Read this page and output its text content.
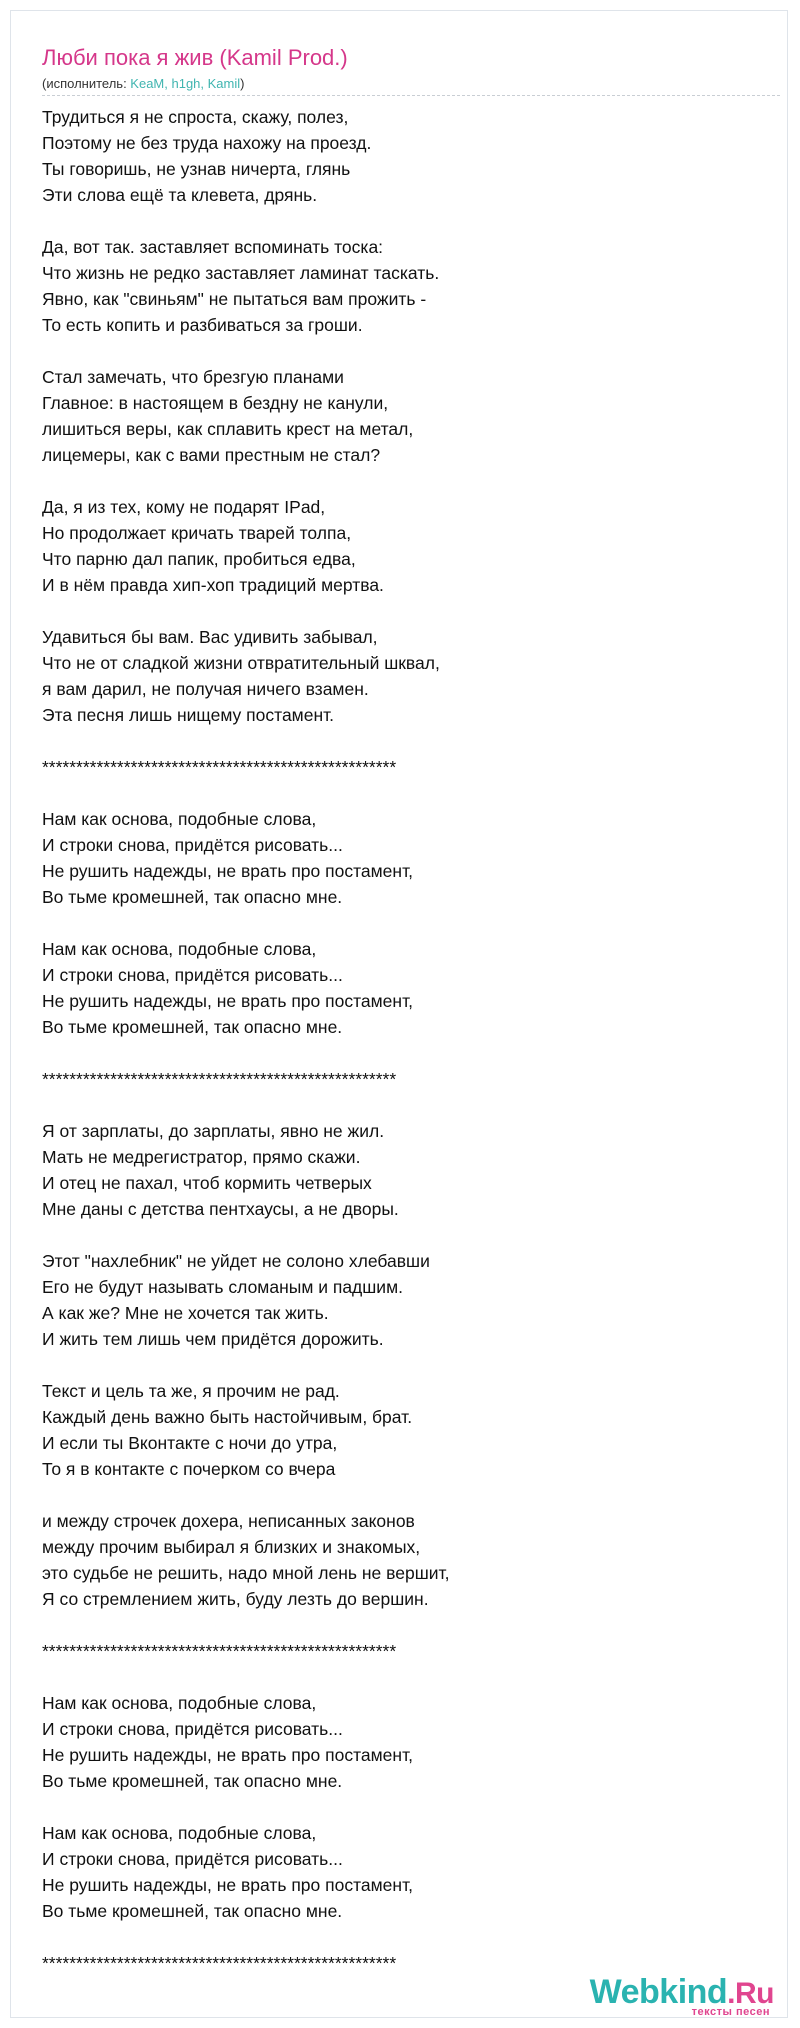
Люби пока я жив (Kamil Prod.)
(исполнитель: KeaM, h1gh, Kamil)
Трудиться я не спроста, скажу, полез,
Поэтому не без труда нахожу на проезд.
Ты говоришь, не узнав ничерта, глянь
Эти слова ещё та клевета, дрянь.
Да, вот так. заставляет вспоминать тоска:
Что жизнь не редко заставляет ламинат таскать.
Явно, как "свиньям" не пытаться вам прожить -
То есть копить и разбиваться за гроши.
Стал замечать, что брезгую планами
Главное: в настоящем в бездну не канули,
лишиться веры, как сплавить крест на метал,
лицемеры, как с вами престным не стал?
Да, я из тех, кому не подарят IPad,
Но продолжает кричать тварей толпа,
Что парню дал папик, пробиться едва,
И в нём правда хип-хоп традиций мертва.
Удавиться бы вам. Вас удивить забывал,
Что не от сладкой жизни отвратительный шквал,
я вам дарил, не получая ничего взамен.
Эта песня лишь нищему постамент.
****************************************************
Нам как основа, подобные слова,
И строки снова, придётся рисовать...
Не рушить надежды, не врать про постамент,
Во тьме кромешней, так опасно мне.
Нам как основа, подобные слова,
И строки снова, придётся рисовать...
Не рушить надежды, не врать про постамент,
Во тьме кромешней, так опасно мне.
****************************************************
Я от зарплаты, до зарплаты, явно не жил.
Мать не медрегистратор, прямо скажи.
И отец не пахал, чтоб кормить четверых
Мне даны с детства пентхаусы, а не дворы.
Этот "нахлебник" не уйдет не солоно хлебавши
Его не будут называть сломаным и падшим.
А как же? Мне не хочется так жить.
И жить тем лишь чем придётся дорожить.
Текст и цель та же, я прочим не рад.
Каждый день важно быть настойчивым, брат.
И если ты Вконтакте с ночи до утра,
То я в контакте с почерком со вчера
и между строчек дохера, неписанных законов
между прочим выбирал я близких и знакомых,
это судьбе не решить, надо мной лень не вершит,
Я со стремлением жить, буду лезть до вершин.
****************************************************
Нам как основа, подобные слова,
И строки снова, придётся рисовать...
Не рушить надежды, не врать про постамент,
Во тьме кромешней, так опасно мне.
Нам как основа, подобные слова,
И строки снова, придётся рисовать...
Не рушить надежды, не врать про постамент,
Во тьме кромешней, так опасно мне.
****************************************************
Webkind.Ru
тексты песен
